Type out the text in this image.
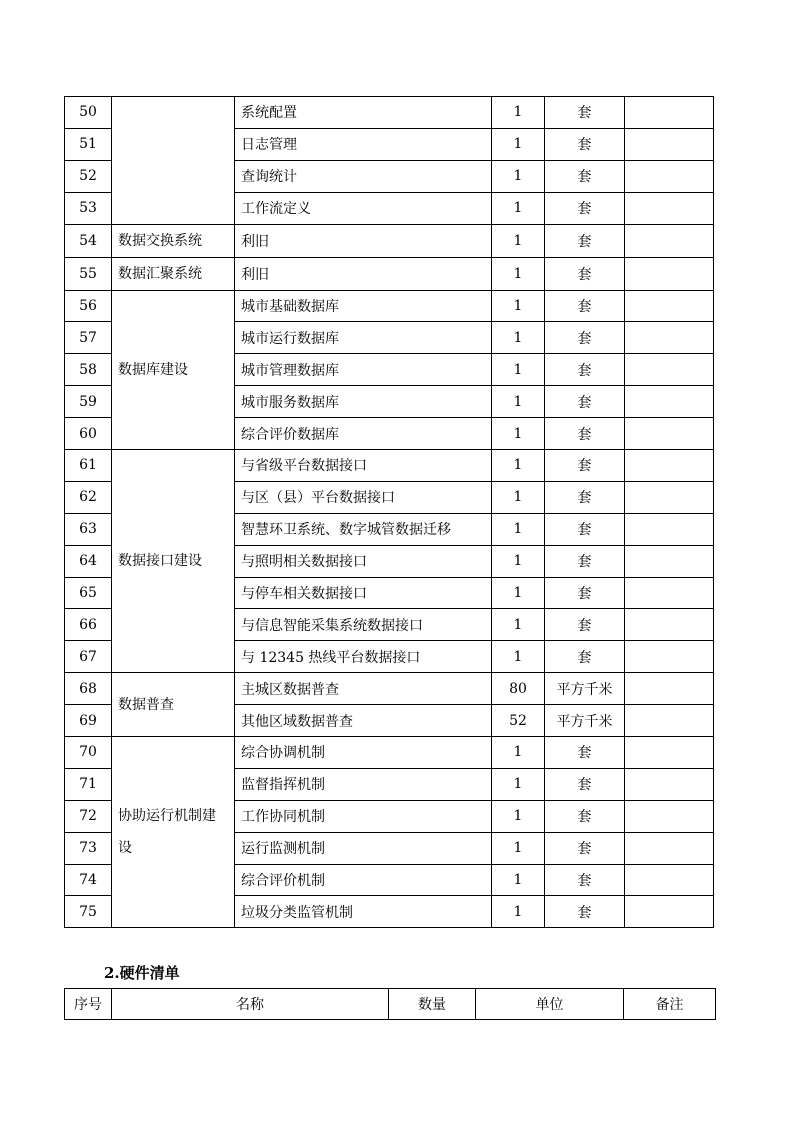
50		系统配置	1	套	
51		日志管理	1	套	
52		查询统计	1	套	
53		工作流定义	1	套	
54	数据交换系统	利旧	1	套	
55	数据汇聚系统	利旧	1	套	
56	数据库建设	城市基础数据库	1	套	
57		城市运行数据库	1	套	
58		城市管理数据库	1	套	
59		城市服务数据库	1	套	
60		综合评价数据库	1	套	
61	数据接口建设	与省级平台数据接口	1	套	
62		与区（县）平台数据接口	1	套	
63		智慧环卫系统、数字城管数据迁移	1	套	
64		与照明相关数据接口	1	套	
65		与停车相关数据接口	1	套	
66		与信息智能采集系统数据接口	1	套	
67		与 12345 热线平台数据接口	1	套	
68	数据普查	主城区数据普查	80	平方千米	
69		其他区域数据普查	52	平方千米	
70	协助运行机制建设	综合协调机制	1	套	
71		监督指挥机制	1	套	
72		工作协同机制	1	套	
73		运行监测机制	1	套	
74		综合评价机制	1	套	
75		垃圾分类监管机制	1	套	
2.硬件清单
序号	名称	数量	单位	备注
